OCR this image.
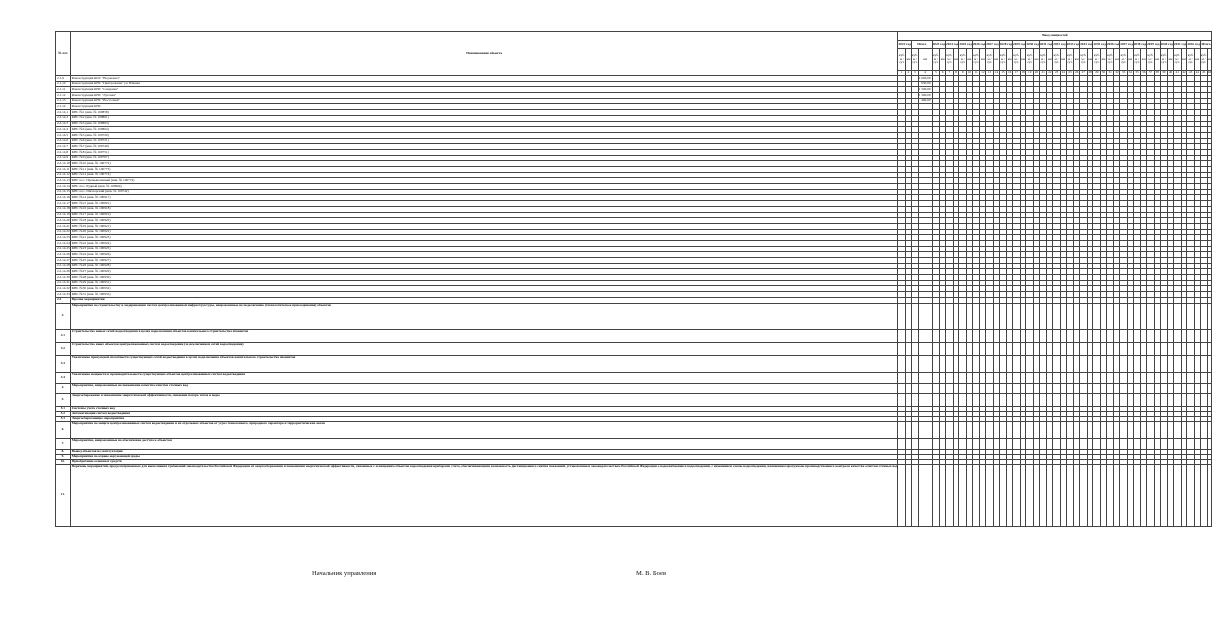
№ п/п	Наименование объекта	Ввод мощностей																																													
		2022 год		Итого		2023 год		2024 год		2025 год		2026 год		2027 год		2028 год		2029 год		2030 год		2031 год		2032 год		2033 год		2034 год		2035 год		2036 год		2037 год		2038 год		2039 год		2040 год		2041 год		2042 год		Итого	
		куб. м / сут.	км	куб. м / сут.	км	куб. м / сут.	км	куб. м / сут.	км	куб. м / сут.	км	куб. м / сут.	км	куб. м / сут.	км	куб. м / сут.	км	куб. м / сут.	км	куб. м / сут.	км	куб. м / сут.	км	куб. м / сут.	км	куб. м / сут.	км	куб. м / сут.	км	куб. м / сут.	км	куб. м / сут.	км	куб. м / сут.	км	куб. м / сут.	км	куб. м / сут.	км	куб. м / сут.	км	куб. м / сут.	км	куб. м / сут.	км	куб. м / сут.	км
		1	2	3	4	5	6	7	8	9	10	11	12	13	14	15	16	17	18	19	20	21	22	23	24	25	26	27	28	29	30	31	32	33	34	35	36	37	38	39	40	41	42	43	44	45	46
2.1.9	Реконструкция КОС "Водоканал"				1 000,00																																										
2.1.10	Реконструкция КНС "Центральная" ул. Южная				950,00																																										
2.1.11	Реконструкция КНС "Северная"				1 500,00																																										
2.1.12	Реконструкция КНС "Луговая"				1 300,00																																										
2.1.13	Реконструкция КНС "Восточная"				400,00																																										
2.1.14	Реконструкция КНС																																														
2.2.14.1	КНС №1 (инв. № 100858)																																														
2.2.14.2	КНС №2 (инв. № 100861)																																														
2.2.14.3	КНС №3 (инв. № 100863)																																														
2.2.14.4	КНС №4 (инв. № 100864)																																														
2.2.14.5	КНС №5 (инв. № 100720)																																														
2.2.14.6	КНС №6 (инв. № 100721)																																														
2.2.14.7	КНС №7 (инв. № 100749)																																														
2.2.14.8	КНС №8 (инв. № 100751)																																														
2.2.14.9	КНС №9 (инв. № 100767)																																														
2.2.14.10	КНС №10 (инв. № 100772)																																														
2.2.14.11	КНС №11 (инв. № 100773)																																														
2.2.14.12	КНС №12 (инв. № 100774)																																														
2.2.14.13	КНС пос. Промышленный (инв. № 100774)																																														
2.2.14.14	КНС пос. Рудный (инв. № 100964)																																														
2.2.14.15	КНС пос. Шахтерский (инв. № 100742)																																														
2.2.14.16	КНС №14 (инв. № 100917)																																														
2.2.14.17	КНС №15 (инв. № 100801)																																														
2.2.14.18	КНС №16 (инв. № 100918)																																														
2.2.14.19	КНС №17 (инв. № 100919)																																														
2.2.14.20	КНС №18 (инв. № 100920)																																														
2.2.14.21	КНС №19 (инв. № 100921)																																														
2.2.14.22	КНС №20 (инв. № 100922)																																														
2.2.14.23	КНС №21 (инв. № 100923)																																														
2.2.14.24	КНС №22 (инв. № 100924)																																														
2.2.14.25	КНС №23 (инв. № 100925)																																														
2.2.14.26	КНС №24 (инв. № 100926)																																														
2.2.14.27	КНС №25 (инв. № 100927)																																														
2.2.14.28	КНС №26 (инв. № 100928)																																														
2.2.14.29	КНС №27 (инв. № 100929)																																														
2.2.14.30	КНС №28 (инв. № 100930)																																														
2.2.14.31	КНС №29 (инв. № 100931)																																														
2.2.14.32	КНС №30 (инв. № 100932)																																														
2.2.14.33	КНС №31 (инв. № 100933)																																														
2.2	Прочие мероприятия																																														
3.	Мероприятия по строительству и модернизации систем централизованной инфраструктуры, направленные на подключение (технологическое присоединение) объектов																																														
3.1	Строительство новых сетей водоотведения в целях подключения объектов капитального строительства абонентов																																														
3.2	Строительство иных объектов централизованных систем водоотведения (за исключением сетей водоотведения)																																														
3.3	Увеличение пропускной способности существующих сетей водоотведения в целях подключения объектов капитального строительства абонентов																																														
3.4	Увеличение мощности и производительности существующих объектов централизованных систем водоотведения																																														
4.	Мероприятия, направленные на повышение качества очистки сточных вод																																														
5.	Энергосбережение и повышение энергетической эффективности, снижение потерь тепла и воды																																														
5.1	Системы учета сточных вод																																														
5.2	Автоматизация систем водоотведения																																														
5.3	Энергосберегающие мероприятия																																														
6.	Мероприятия по защите централизованных систем водоотведения и их отдельных объектов от угроз техногенного, природного характера и террористических актов																																														
7.	Мероприятия, направленные на обеспечение доступа к объектам																																														
8.	Вывод объектов из эксплуатации																																														
9.	Мероприятия по охране окружающей среды																																														
10.	Приобретение основных средств																																														
11.	Перечень мероприятий, предусматриваемых для выполнения требований законодательства Российской Федерации об энергосбережении и повышении энергетической эффективности, связанных с оснащением объектов водоотведения приборами учета, обеспечивающими возможность дистанционного снятия показаний, установленных законодательством Российской Федерации о водоснабжении и водоотведении, с изменением схемы водоотведения, изменением программы производственного контроля качества очистки сточных вод																																														
Начальник управления	М. В. Боев
